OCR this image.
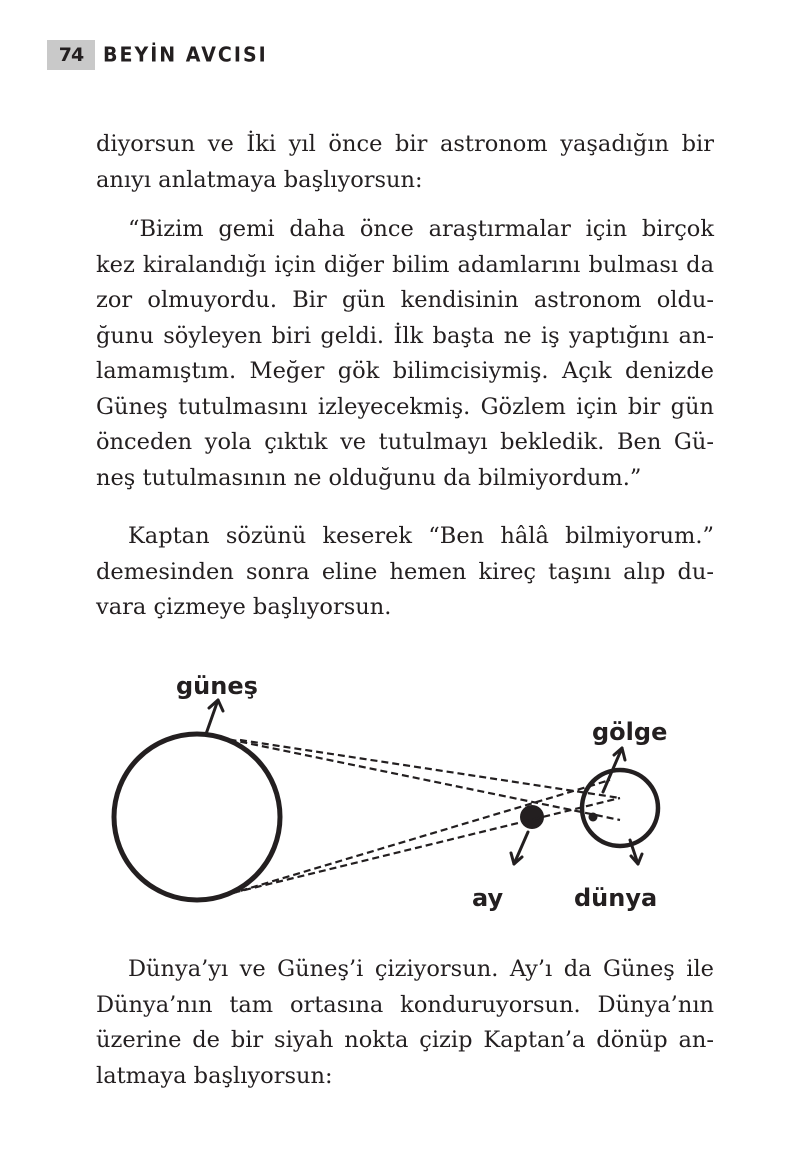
74	BEYİN AVCISI

diyorsun ve İki yıl önce bir astronom yaşadığın bir

anıyı anlatmaya başlıyorsun:

“Bizim gemi daha önce araştırmalar için birçok

kez kiralandığı için diğer bilim adamlarını bulması da

zor olmuyordu. Bir gün kendisinin astronom oldu-

ğunu söyleyen biri geldi. İlk başta ne iş yaptığını an-

lamamıştım. Meğer gök bilimcisiymiş. Açık denizde

Güneş tutulmasını izleyecekmiş. Gözlem için bir gün

önceden yola çıktık ve tutulmayı bekledik. Ben Gü-

neş tutulmasının ne olduğunu da bilmiyordum.”

Kaptan sözünü keserek “Ben hâlâ bilmiyorum.”

demesinden sonra eline hemen kireç taşını alıp du-

vara çizmeye başlıyorsun.

güneş
gölge
ay	dünya

Dünya’yı ve Güneş’i çiziyorsun. Ay’ı da Güneş ile

Dünya’nın tam ortasına konduruyorsun. Dünya’nın

üzerine de bir siyah nokta çizip Kaptan’a dönüp an-

latmaya başlıyorsun:
